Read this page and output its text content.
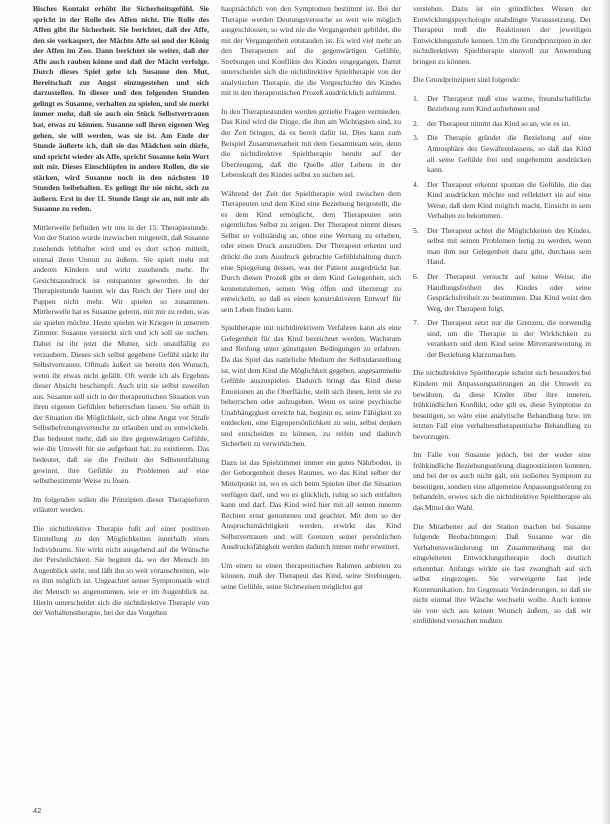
Bisches Kontakt erhöht ihr Sicherheitsgefühl. Sie spricht in der Rolle des Affen nicht. Die Rolle des Affen gibt ihr Sicherheit. Sie berichtet, daß der Affe, den sie vorkaspert, der Mächte Affe sei und der König der Affen im Zoo. Dann berichtet sie weiter, daß der Affe auch rauben könne und daß der Mächt verfolge. Durch dieses Spiel gebe ich Susanne den Mut, Bereitschaft zur Angst einzugestehen und sich darzustellen. In dieser und den folgenden Stunden gelingt es Susanne, verhalten zu spielen, und sie merkt immer mehr, daß sie auch ein Stück Selbstvertrauen hat, etwas zu können. Susanne soll ihren eigenen Weg gehen, sie will werden, was sie ist. Am Ende der Stunde äußerte ich, daß sie das Mädchen sein dürfe, und spricht wieder als Affe, spricht Susanne kein Wort mit mir. Dieses Einschlüpfen in andere Rollen, die sie stärken, wird Susanne noch in den nächsten 10 Stunden beibehalten. Es gelingt ihr nie nicht, sich zu äußern. Erst in der 11. Stunde fängt sie an, mit mir als Susanne zu reden.

Mittlerweile befinden wir uns in der 15. Therapiestunde. Von der Station wurde inzwischen mitgeteilt, daß Susanne zusehends lebhafter wird und es dort schon mitteilt, einmal ihren Unmut zu äußern. Sie spielt mehr mit anderen Kindern und wirkt zusehends mehr. Ihr Gesichtsausdruck ist entspannter geworden. In der Therapiestunde bauten wir das Reich der Tiere und der Puppen nicht mehr. Wir spielen so zusammen. Mittlerweile hat es Susanne gelernt, mit mir zu reden, was sie spielen möchte. Heute spielen wir Kriegen in unserem Zimmer. Susanne versteckt sich und ich soll sie suchen. Dabei ist ihr jetzt die Mutter, sich unauffällig zu verzaubern. Dieses sich selbst gegebene Gefühl stärkt ihr Selbstvertrauen. Oftmals äußert sie bereits den Wunsch, wenn ihr etwas nicht gefällt. Oft werde ich als Ergebnis dieser Absicht beschimpft. Auch tritt sie selbst zuweilen aus. Susanne soll sich in der therapeutischen Situation von ihren eigenen Gefühlen beherrschen lassen. Sie erhält in der Situation die Möglichkeit, sich ohne Angst vor Strafe Selbstbefreiungsversuche zu erlauben und zu entwickeln. Das bedeutet mehr, daß sie ihre gegenwärtigen Gefühle, wie die Umwelt für sie aufgebaut hat, zu existieren. Das bedeutet, daß sie die Freiheit der Selbstentfaltung gewinnt, ihre Gefühle zu Problemen auf eine selbstbestimmte Weise zu lösen.

Im folgenden sollen die Prinzipien dieser Therapieform erläutert werden.

Die nichtdirektive Therapie fußt auf einer positiven Einstellung zu den Möglichkeiten innerhalb eines Individuums. Sie wirkt nicht ausgehend auf die Wünsche der Persönlichkeit. Sie beginnt da, wo der Mensch im Augenblick steht, und läßt ihn so weit voranschreiten, wie es ihm möglich ist. Ungeachtet seiner Symptomatik wird der Mensch so angenommen, wie er im Augenblick ist. Hierin unterscheidet sich die nichtdirektive Therapie von der Verhaltenstherapie, bei der das Vorgehen

hauptsächlich von den Symptomen bestimmt ist. Bei der Therapie werden Deutungsversuche so weit wie möglich ausgeschlossen, so wird nie die Vergangenheit gebildet, die mit der Vergangenheit entstanden ist. Es wird viel mehr an den Therapeuten auf die gegenwärtigen Gefühle, Strebungen und Konflikte des Kindes eingegangen. Damit unterscheidet sich die nichtdirektive Spieltherapie von der analytischen Therapie, die die Vorgeschichte des Kindes mit in den therapeutischen Prozeß ausdrücklich aufnimmt.

In den Therapiestunden werden gezielte Fragen vermieden. Das Kind wird die Dinge, die ihm am Wichtigsten sind, zu der Zeit bringen, da es bereit dafür ist. Dies kann zum Beispiel Zusammenarbeit mit dem Gesamtteam sein, denn die nichtdirektive Spieltherapie beruht auf der Überzeugung, daß die Quelle aller Lebens in der Lebenskraft des Kindes selbst zu suchen sei.

Während der Zeit der Spieltherapie wird zwischen dem Therapeuten und dem Kind eine Beziehung hergestellt, die es dem Kind ermöglicht, dem Therapeuten sein eigentliches Selbst zu zeigen. Der Therapeut nimmt dieses Selbst so vollständig an, ohne eine Wertung zu erheben, oder einen Druck auszuüben. Der Therapeut erkennt und drückt die zum Ausdruck gebrachte Gefühlshaltung durch eine Spiegelung dessen, was der Patient ausgedrückt hat. Durch diesen Prozeß gibt er dem Kind Gelegenheit, sich kennenzulernen, seinen Weg offen und überzeugt zu entwickeln, so daß es einen konstruktiveren Entwurf für sein Leben finden kann.

Spieltherapie mit nichtdirektivem Verfahren kann als eine Gelegenheit für das Kind bezeichnet werden, Wachstum und Reifung unter günstigsten Bedingungen zu erfahren. Da das Spiel das natürliche Medium der Selbstdarstellung ist, wird dem Kind die Möglichkeit gegeben, angesammelte Gefühle auszuspielen. Dadurch bringt das Kind diese Emotionen an die Oberfläche, stellt sich ihnen, lernt sie zu beherrschen oder aufzugeben. Wenn es seine psychische Unabhängigkeit erreicht hat, beginnt es, seine Fähigkeit zu entdecken, eine Eigenpersönlichkeit zu sein, selbst denken und entscheiden zu können, zu reifen und dadurch Sicherheit zu verwirklichen.

Dazu ist das Spielzimmer immer ein gutes Nährboden, in der Geborgenheit dieses Raumes, wo das Kind selber der Mittelpunkt ist, wo es sich beim Spielen über die Situation verfügen darf, und wo es glücklich, ruhig so sich entfalten kann und darf. Das Kind wird hier mit all seinen inneren Rechten ernst genommen und geachtet. Mit dem so der Anspruchsmächtigkeit werden, erwirkt das Kind Selbstvertrauen und will Grenzen seiner persönlichen Ausdrucksfähigkeit werden dadurch immer mehr erweitert.

Um einen so einen therapeutischen Rahmen anbieten zu können, muß der Therapeut das Kind, seine Strebungen, seine Gefühle, seine Sichtweisen möglichst gut

verstehen. Dazu ist ein gründliches Wissen der Entwicklungspsychologie unabdingte Voraussetzung. Der Therapeut muß die Reaktionen der jeweiligen Entwicklungsstufe kennen. Um die Grundprinzipien in der nichtdirektiven Spieltherapie sinnvoll zur Anwendung bringen zu können.

Die Grundprinzipien sind folgende:

1. Der Therapeut muß eine warme, freundschaftliche Beziehung zum Kind aufnehmen und
2. der Therapeut nimmt das Kind so an, wie es ist.
3. Die Therapie gründet die Beziehung auf eine Atmosphäre des Gewährenlassens, so daß das Kind all seine Gefühle frei und ungehemmt ausdrücken kann.
4. Der Therapeut erkennt spontan die Gefühle, die das Kind ausdrücken möchte und reflektiert sie auf eine Weise, daß dem Kind möglich macht, Einsicht in sein Verhalten zu bekommen.
5. Der Therapeut achtet die Möglichkeiten des Kindes, selbst mit seinen Problemen fertig zu werden, wenn man ihm nur Gelegenheit dazu gibt, durchaus sein Hand.
6. Der Therapeut versucht auf keine Weise, die Handlungsfreiheit des Kindes oder seine Gesprächsfreiheit zu bestimmen. Das Kind weist den Weg, der Therapeut folgt.
7. Der Therapeut setzt nur die Grenzen, die notwendig sind, um die Therapie in der Wirklichkeit zu verankern und dem Kind seine Mitverantwortung in der Beziehung klarzumachen.

Die nichtdirektive Spieltherapie scheint sich besonders bei Kindern mit Anpassungsstörungen an die Umwelt zu bewähren, da diese Kinder über ihre inneren, frühkindlichen Konflikt, oder gilt es, diese Symptome zu beseitigen, so wäre eine analytische Behandlung bzw. im letzten Fall eine verhaltenstherapeutische Behandlung zu bevorzugen.

Im Falle von Susanne jedoch, bei der weder eine frühkindliche Beziehungsstörung diagnostizieren konnten, und bei der es auch nicht galt, ein isoliertes Symptom zu beseitigen, sondern eine allgemeine Anpassungsstörung zu behandeln, erwies sich die nichtdirektive Spieltherapie als das Mittel der Wahl.

Die Mitarbeiter auf der Station machen bei Susanne folgende Beobachtungen: Daß Susanne war die Verhaltensveränderung im Zusammenhang mit der eingeleiteten Entwicklungstherapie doch deutlich erkennbar. Anfangs wirkte sie fast zwanghaft auf sich selbst eingezogen. Sie verweigerte fast jede Kommunikation. Im Gegensatz Veränderungen, so daß sie nicht einmal ihre Wäsche wechseln wollte. Auch konnte sie von sich aus keinen Wunsch äußern, so daß wir einfühlend versuchen mußten

42
